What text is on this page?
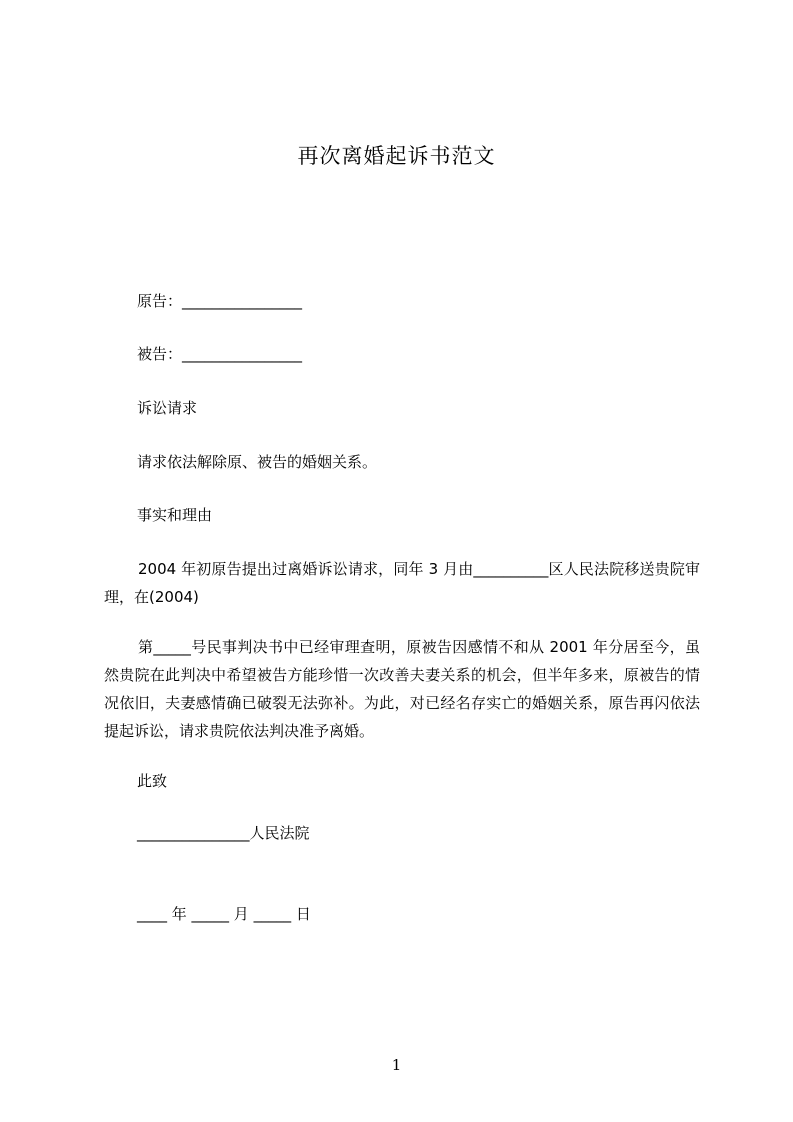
再次离婚起诉书范文
原告：________________
被告：________________
诉讼请求
请求依法解除原、被告的婚姻关系。
事实和理由
2004 年初原告提出过离婚诉讼请求，同年 3 月由__________区人民法院移送贵院审理，在(2004)
第_____号民事判决书中已经审理查明，原被告因感情不和从 2001 年分居至今，虽然贵院在此判决中希望被告方能珍惜一次改善夫妻关系的机会，但半年多来，原被告的情况依旧，夫妻感情确已破裂无法弥补。为此，对已经名存实亡的婚姻关系，原告再闪依法提起诉讼，请求贵院依法判决准予离婚。
此致
_______________人民法院
____ 年 _____ 月 _____ 日
1
